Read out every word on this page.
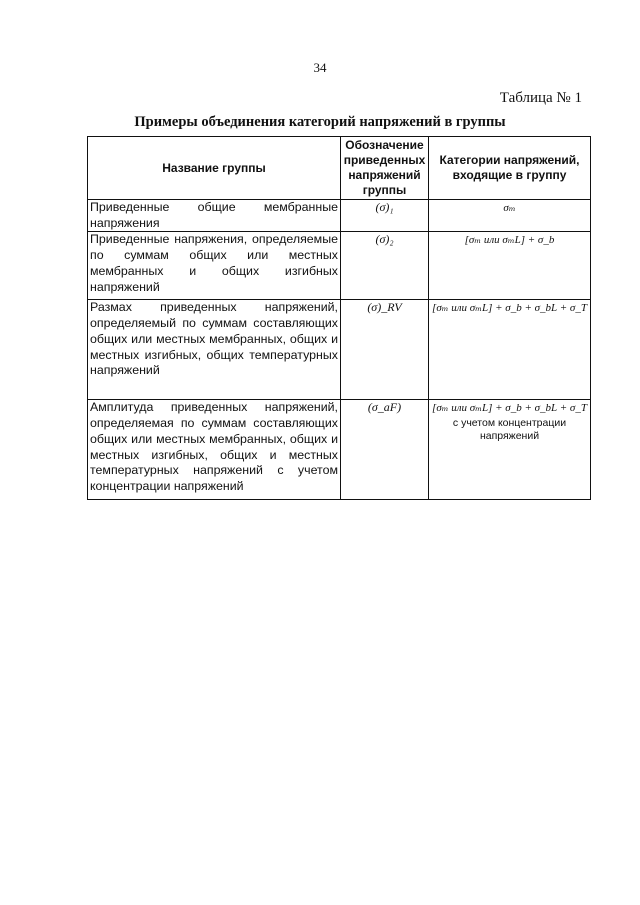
34
Таблица № 1
Примеры объединения категорий напряжений в группы
Название группы	Обозначение приведенных напряжений группы	Категории напряжений, входящие в группу
Приведенные общие мембранные напряжения	(σ)₁	σₘ
Приведенные напряжения, определяемые по суммам общих или местных мембранных и общих изгибных напряжений	(σ)₂	[σₘ или σₘL] + σ_b
Размах приведенных напряжений, определяемый по суммам составляющих общих или местных мембранных, общих и местных изгибных, общих температурных напряжений	(σ)_RV	[σₘ или σₘL] + σ_b + σ_bL + σ_T
Амплитуда приведенных напряжений, определяемая по суммам составляющих общих или местных мембранных, общих и местных изгибных, общих и местных температурных напряжений с учетом концентрации напряжений	(σ_aF)	[σₘ или σₘL] + σ_b + σ_bL + σ_T
с учетом концентрации напряжений
